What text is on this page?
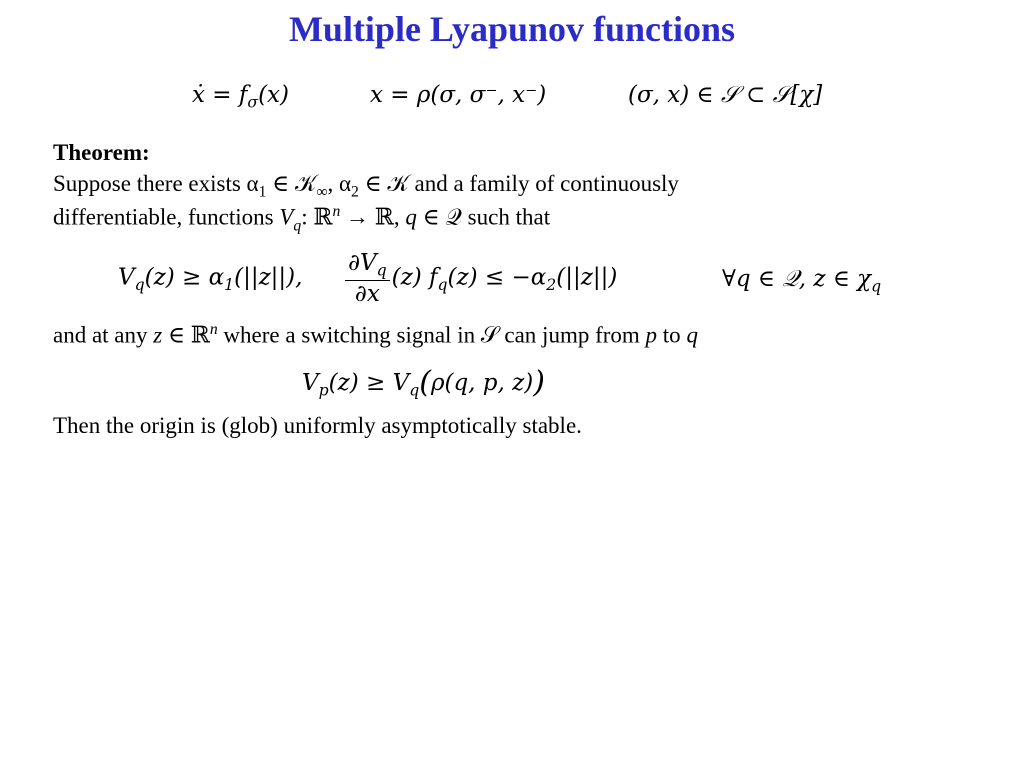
Multiple Lyapunov functions
ẋ = $f_\sigma(x)$	x = ρ(σ, σ⁻, x⁻)	(σ, x) ∈ 𝒮 ⊂ 𝒮[χ]
Theorem:
Suppose there exists $\alpha_1$ ∈ 𝒦$_\infty$, $\alpha_2$ ∈ 𝒦 and a family of continuously
differentiable, functions $V_q$: ℝ$^n$ → ℝ, q ∈ 𝒬 such that
$V_q(z) \ge \alpha_1(||z||)$, $\frac{\partial V_q}{\partial x} (z) f_q(z) \le -\alpha_2(||z||)$	∀q ∈ 𝒬, z ∈ $\chi_q$
and at any z ∈ ℝ$^n$ where a switching signal in 𝒮 can jump from p to q
$V_p(z) \ge V_q(\rho(q$, p, z))
Then the origin is (glob) uniformly asymptotically stable.
